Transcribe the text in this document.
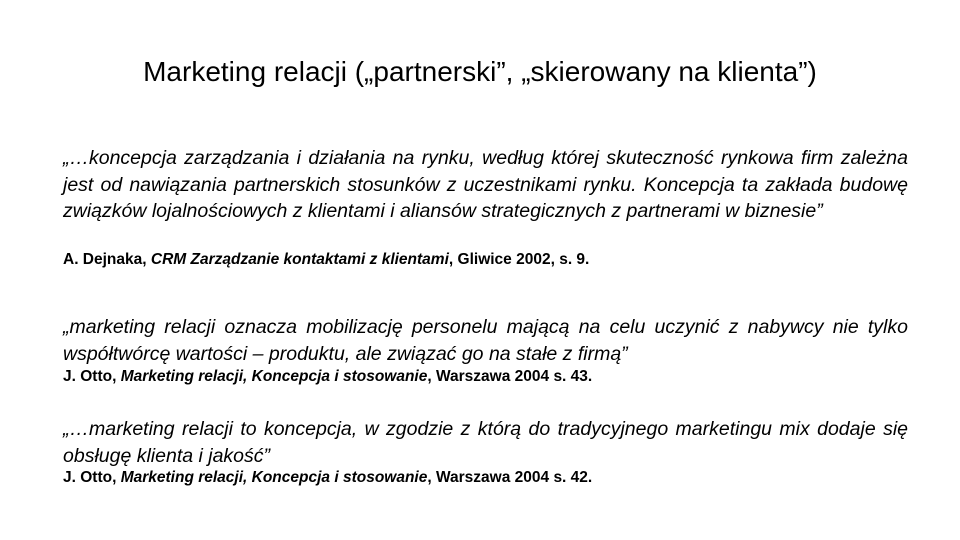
Marketing relacji („partnerski”, „skierowany na klienta”)
„…koncepcja zarządzania i działania na rynku, według której skuteczność rynkowa firm zależna jest od nawiązania partnerskich stosunków z uczestnikami rynku. Koncepcja ta zakłada budowę związków lojalnościowych z klientami i aliansów strategicznych z partnerami w biznesie”
A. Dejnaka, CRM Zarządzanie kontaktami z klientami, Gliwice 2002, s. 9.
„marketing relacji oznacza mobilizację personelu mającą na celu uczynić z nabywcy nie tylko współtwórcę wartości – produktu, ale związać go na stałe z firmą”
J. Otto, Marketing relacji, Koncepcja i stosowanie, Warszawa 2004 s. 43.
„…marketing relacji to koncepcja, w zgodzie z którą do tradycyjnego marketingu mix dodaje się obsługę klienta i jakość”
J. Otto, Marketing relacji, Koncepcja i stosowanie, Warszawa 2004 s. 42.
